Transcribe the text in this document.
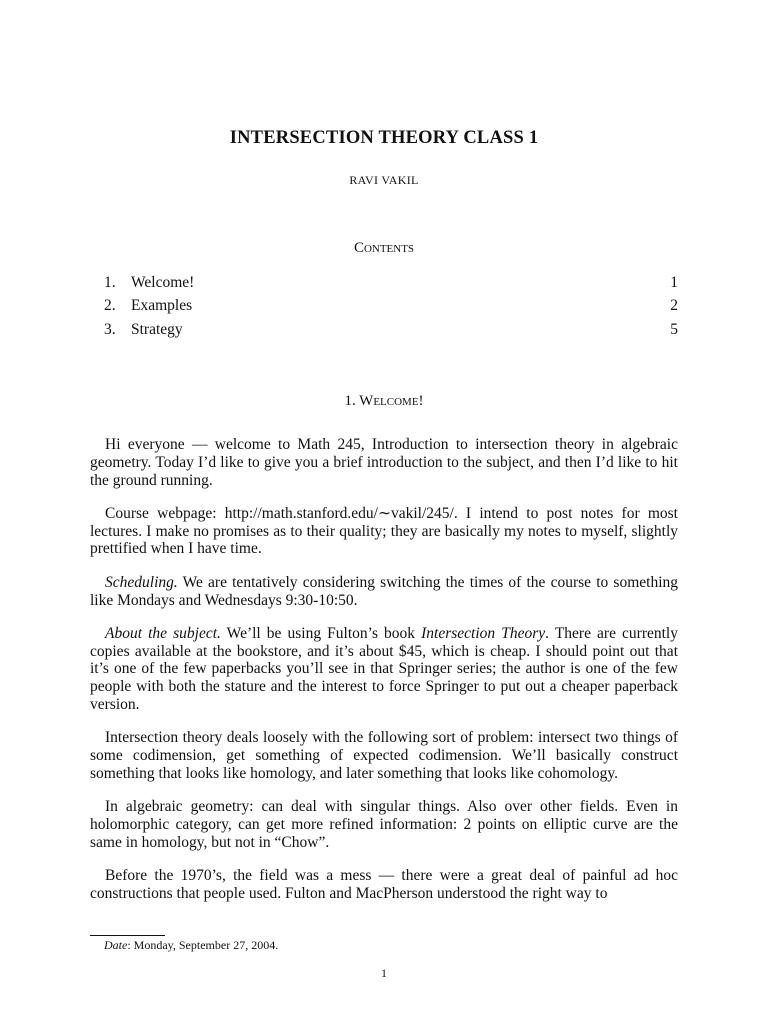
INTERSECTION THEORY CLASS 1
RAVI VAKIL
Contents
1. Welcome!	1
2. Examples	2
3. Strategy	5
1. Welcome!

Hi everyone — welcome to Math 245, Introduction to intersection theory in algebraic geometry. Today I’d like to give you a brief introduction to the subject, and then I’d like to hit the ground running.

Course webpage: http://math.stanford.edu/∼vakil/245/. I intend to post notes for most lectures. I make no promises as to their quality; they are basically my notes to myself, slightly prettified when I have time.

Scheduling. We are tentatively considering switching the times of the course to something like Mondays and Wednesdays 9:30-10:50.

About the subject. We’ll be using Fulton’s book Intersection Theory. There are currently copies available at the bookstore, and it’s about $45, which is cheap. I should point out that it’s one of the few paperbacks you’ll see in that Springer series; the author is one of the few people with both the stature and the interest to force Springer to put out a cheaper paperback version.

Intersection theory deals loosely with the following sort of problem: intersect two things of some codimension, get something of expected codimension. We’ll basically construct something that looks like homology, and later something that looks like cohomology.

In algebraic geometry: can deal with singular things. Also over other fields. Even in holomorphic category, can get more refined information: 2 points on elliptic curve are the same in homology, but not in “Chow”.

Before the 1970’s, the field was a mess — there were a great deal of painful ad hoc constructions that people used. Fulton and MacPherson understood the right way to

Date: Monday, September 27, 2004.
1
